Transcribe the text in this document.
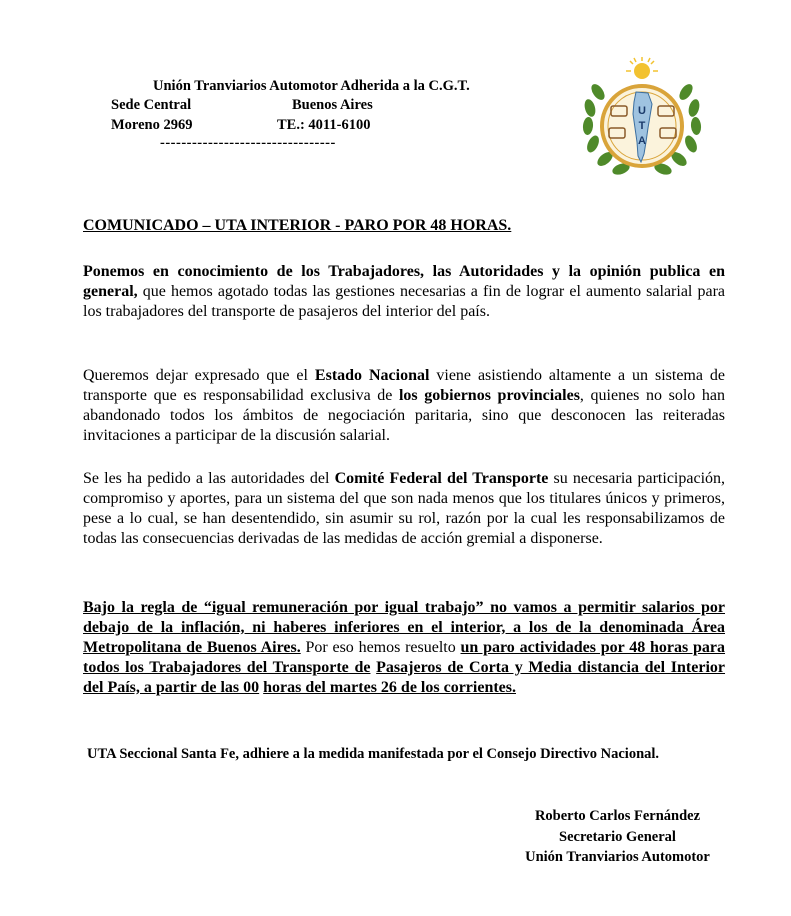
Unión Tranviarios Automotor Adherida a la C.G.T.
Sede Central	Buenos Aires
Moreno 2969	TE.: 4011-6100
---------------------------------
U
T
A
COMUNICADO – UTA INTERIOR - PARO POR 48 HORAS.

Ponemos en conocimiento de los Trabajadores, las Autoridades y la opinión publica en general, que hemos agotado todas las gestiones necesarias a fin de lograr el aumento salarial para los trabajadores del transporte de pasajeros del interior del país.

Queremos dejar expresado que el Estado Nacional viene asistiendo altamente a un sistema de transporte que es responsabilidad exclusiva de los gobiernos provinciales, quienes no solo han abandonado todos los ámbitos de negociación paritaria, sino que desconocen las reiteradas invitaciones a participar de la discusión salarial.

Se les ha pedido a las autoridades del Comité Federal del Transporte su necesaria participación, compromiso y aportes, para un sistema del que son nada menos que los titulares únicos y primeros, pese a lo cual, se han desentendido, sin asumir su rol, razón por la cual les responsabilizamos de todas las consecuencias derivadas de las medidas de acción gremial a disponerse.

Bajo la regla de “igual remuneración por igual trabajo” no vamos a permitir salarios por debajo de la inflación, ni haberes inferiores en el interior, a los de la denominada Área Metropolitana de Buenos Aires. Por eso hemos resuelto un paro actividades por 48 horas para todos los Trabajadores del Transporte de Pasajeros de Corta y Media distancia del Interior del País, a partir de las 00 horas del martes 26 de los corrientes.

UTA Seccional Santa Fe, adhiere a la medida manifestada por el Consejo Directivo Nacional.
Roberto Carlos Fernández
Secretario General
Unión Tranviarios Automotor
